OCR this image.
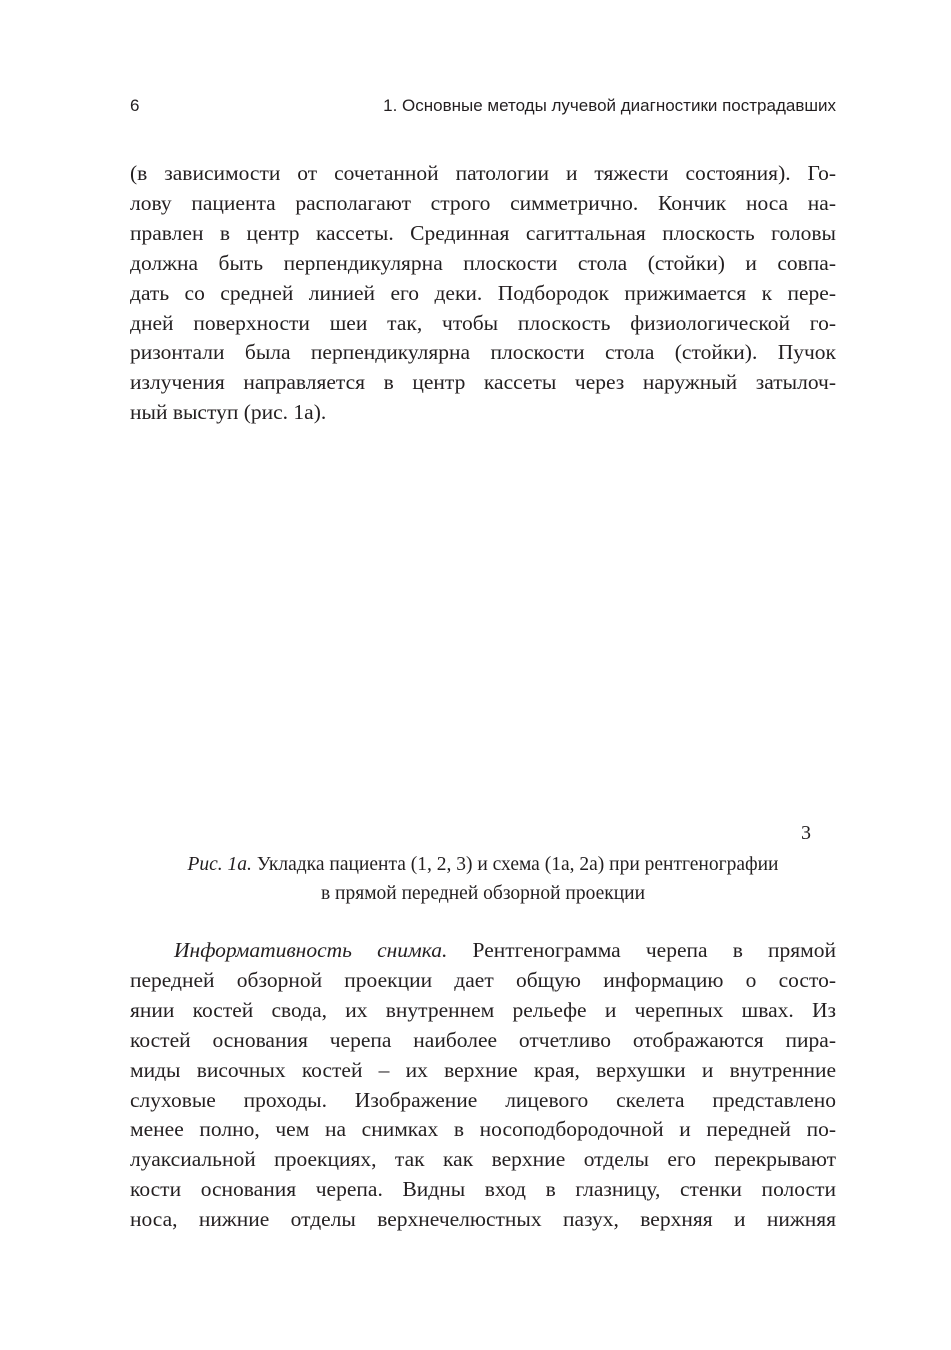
6	1. Основные методы лучевой диагностики пострадавших
(в зависимости от сочетанной патологии и тяжести состояния). Го-
лову пациента располагают строго симметрично. Кончик носа на-
правлен в центр кассеты. Срединная сагиттальная плоскость головы
должна быть перпендикулярна плоскости стола (стойки) и совпа-
дать со средней линией его деки. Подбородок прижимается к пере-
дней поверхности шеи так, чтобы плоскость физиологической го-
ризонтали была перпендикулярна плоскости стола (стойки). Пучок
излучения направляется в центр кассеты через наружный затылоч-
ный выступ (рис. 1а).
3
Рис. 1а. Укладка пациента (1, 2, 3) и схема (1а, 2а) при рентгенографии
в прямой передней обзорной проекции
Информативность снимка. Рентгенограмма черепа в прямой
передней обзорной проекции дает общую информацию о состо-
янии костей свода, их внутреннем рельефе и черепных швах. Из
костей основания черепа наиболее отчетливо отображаются пира-
миды височных костей – их верхние края, верхушки и внутренние
слуховые проходы. Изображение лицевого скелета представлено
менее полно, чем на снимках в носоподбородочной и передней по-
луаксиальной проекциях, так как верхние отделы его перекрывают
кости основания черепа. Видны вход в глазницу, стенки полости
носа, нижние отделы верхнечелюстных пазух, верхняя и нижняя
